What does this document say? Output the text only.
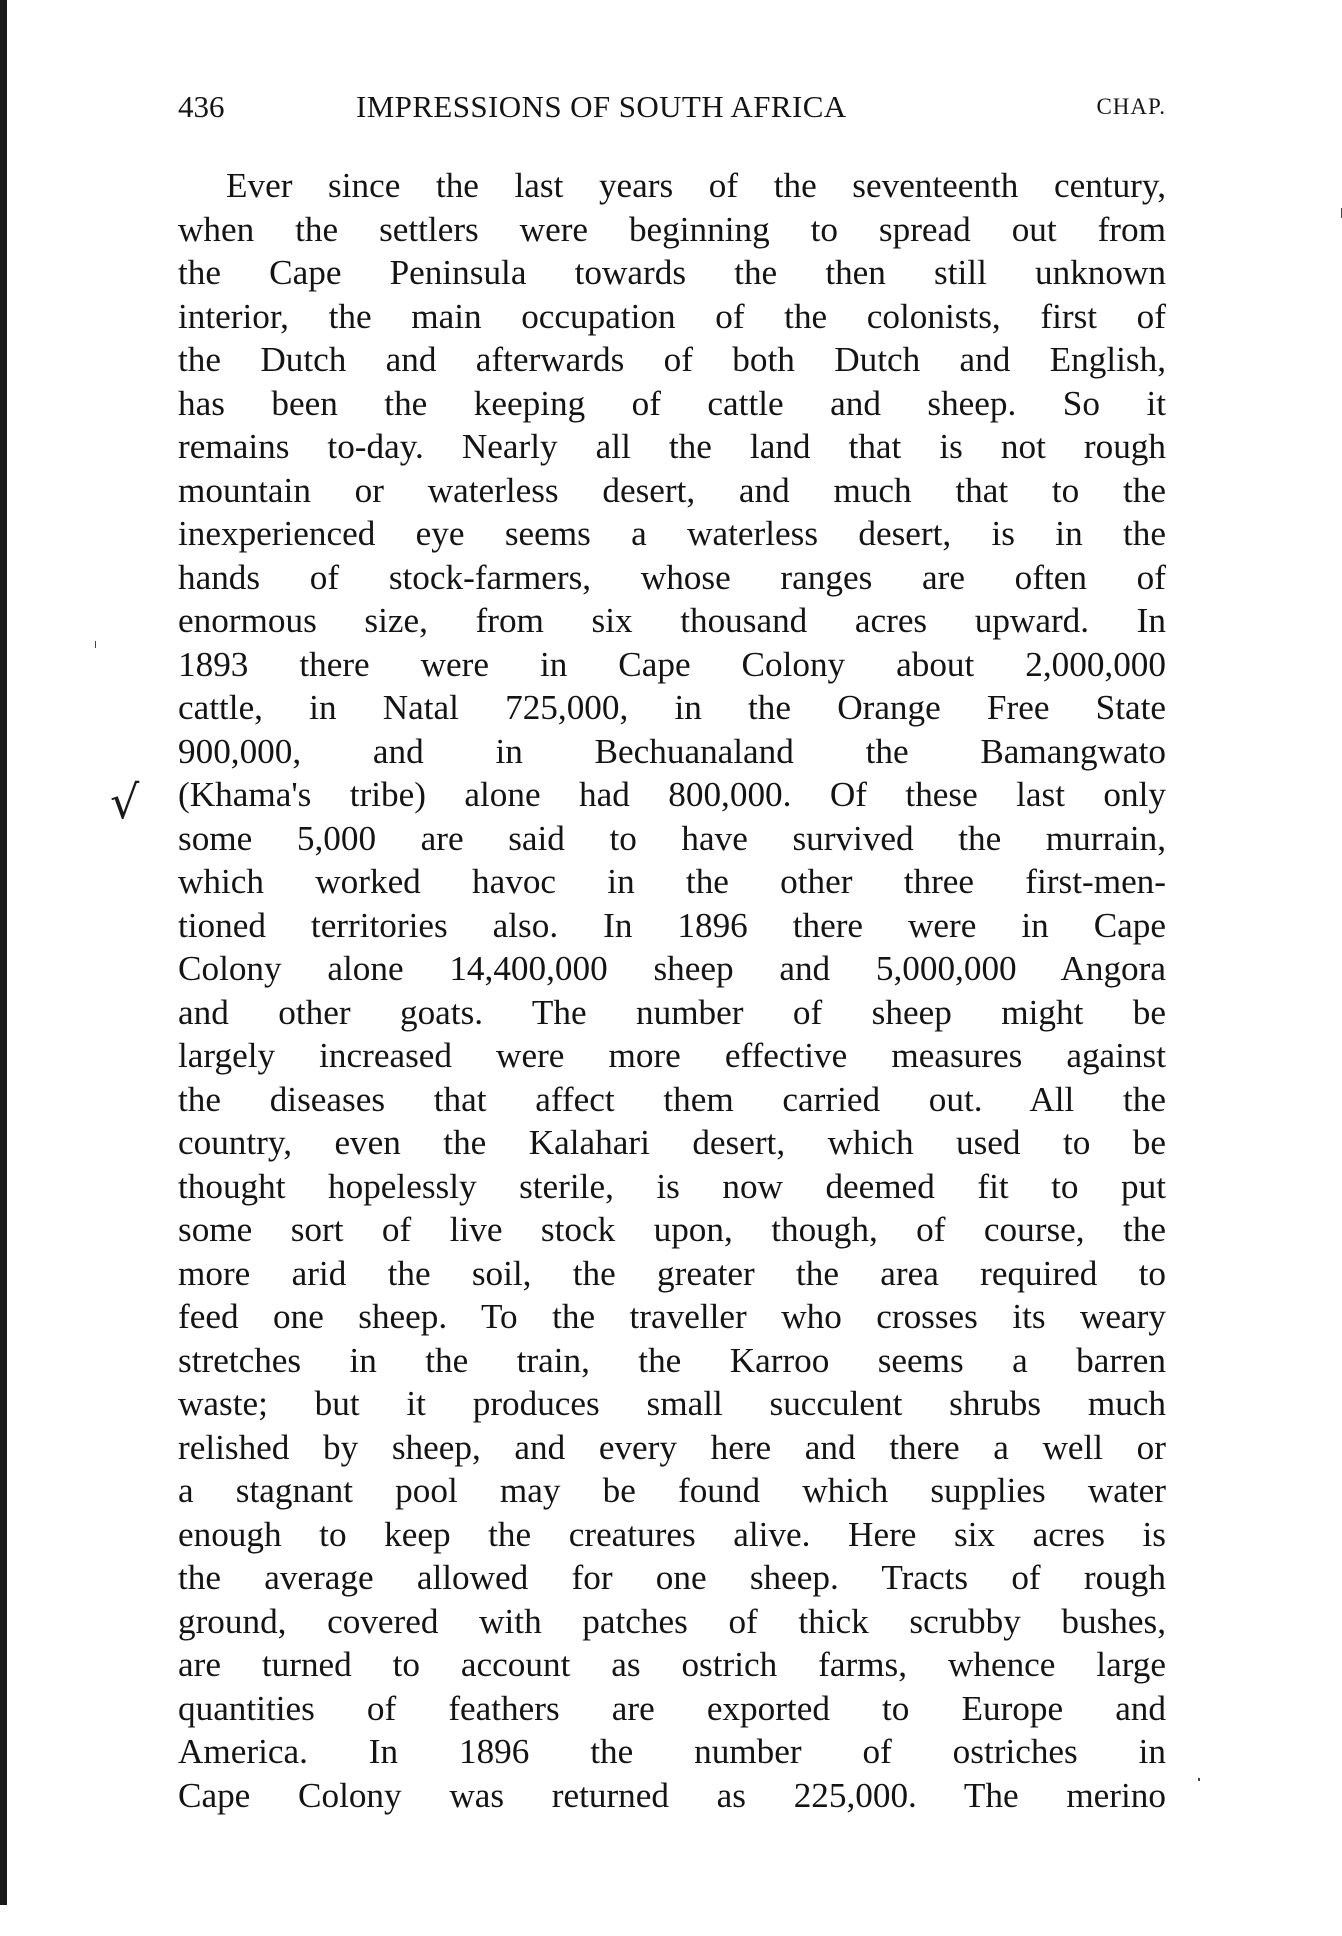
436	IMPRESSIONS OF SOUTH AFRICA	CHAP.
√
Ever since the last years of the seventeenth century,
when the settlers were beginning to spread out from
the Cape Peninsula towards the then still unknown
interior, the main occupation of the colonists, first of
the Dutch and afterwards of both Dutch and English,
has been the keeping of cattle and sheep. So it
remains to-day. Nearly all the land that is not rough
mountain or waterless desert, and much that to the
inexperienced eye seems a waterless desert, is in the
hands of stock-farmers, whose ranges are often of
enormous size, from six thousand acres upward. In
1893 there were in Cape Colony about 2,000,000
cattle, in Natal 725,000, in the Orange Free State
900,000, and in Bechuanaland the Bamangwato
(Khama's tribe) alone had 800,000. Of these last only
some 5,000 are said to have survived the murrain,
which worked havoc in the other three first-men-
tioned territories also. In 1896 there were in Cape
Colony alone 14,400,000 sheep and 5,000,000 Angora
and other goats. The number of sheep might be
largely increased were more effective measures against
the diseases that affect them carried out. All the
country, even the Kalahari desert, which used to be
thought hopelessly sterile, is now deemed fit to put
some sort of live stock upon, though, of course, the
more arid the soil, the greater the area required to
feed one sheep. To the traveller who crosses its weary
stretches in the train, the Karroo seems a barren
waste; but it produces small succulent shrubs much
relished by sheep, and every here and there a well or
a stagnant pool may be found which supplies water
enough to keep the creatures alive. Here six acres is
the average allowed for one sheep. Tracts of rough
ground, covered with patches of thick scrubby bushes,
are turned to account as ostrich farms, whence large
quantities of feathers are exported to Europe and
America. In 1896 the number of ostriches in
Cape Colony was returned as 225,000. The merino
